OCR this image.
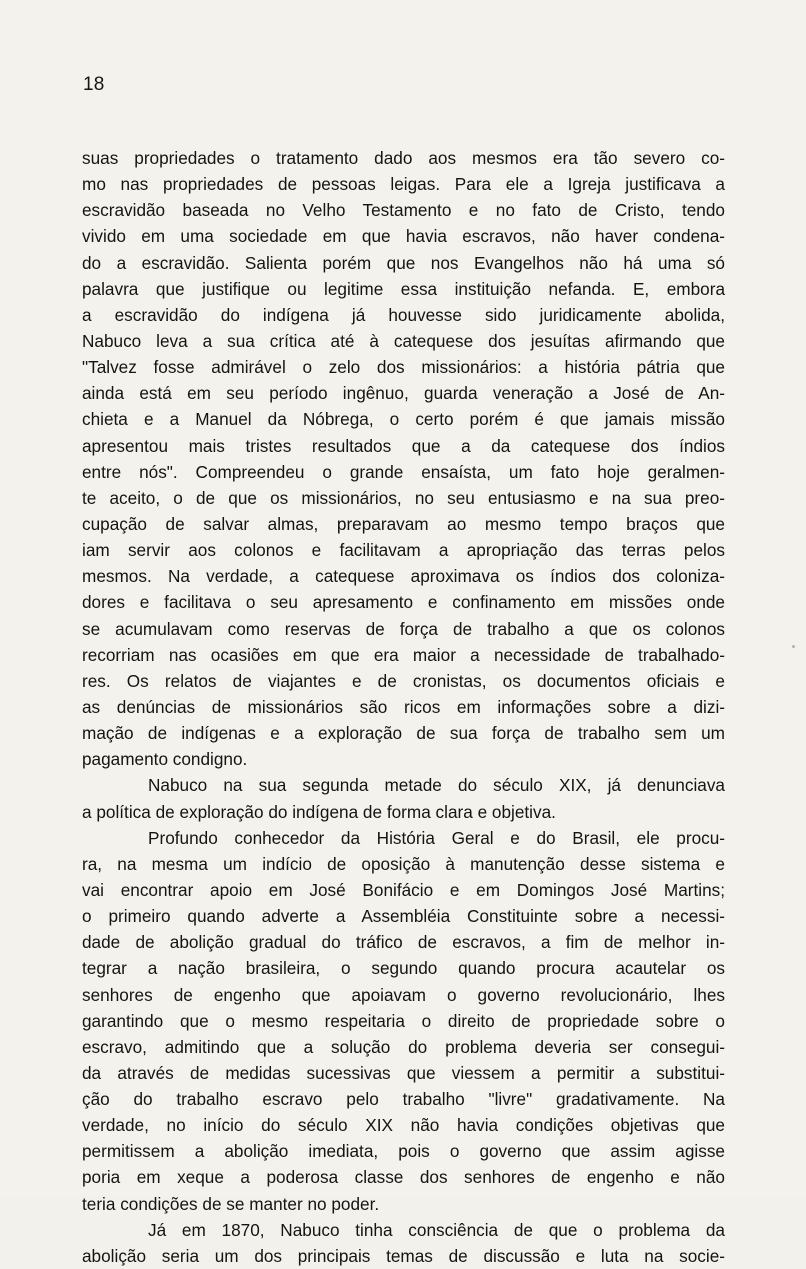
18
suas propriedades o tratamento dado aos mesmos era tão severo co-
mo nas propriedades de pessoas leigas. Para ele a Igreja justificava a
escravidão baseada no Velho Testamento e no fato de Cristo, tendo
vivido em uma sociedade em que havia escravos, não haver condena-
do a escravidão. Salienta porém que nos Evangelhos não há uma só
palavra que justifique ou legitime essa instituição nefanda. E, embora
a escravidão do indígena já houvesse sido juridicamente abolida,
Nabuco leva a sua crítica até à catequese dos jesuítas afirmando que
"Talvez fosse admirável o zelo dos missionários: a história pátria que
ainda está em seu período ingênuo, guarda veneração a José de An-
chieta e a Manuel da Nóbrega, o certo porém é que jamais missão
apresentou mais tristes resultados que a da catequese dos índios
entre nós". Compreendeu o grande ensaísta, um fato hoje geralmen-
te aceito, o de que os missionários, no seu entusiasmo e na sua preo-
cupação de salvar almas, preparavam ao mesmo tempo braços que
iam servir aos colonos e facilitavam a apropriação das terras pelos
mesmos. Na verdade, a catequese aproximava os índios dos coloniza-
dores e facilitava o seu apresamento e confinamento em missões onde
se acumulavam como reservas de força de trabalho a que os colonos
recorriam nas ocasiões em que era maior a necessidade de trabalhado-
res. Os relatos de viajantes e de cronistas, os documentos oficiais e
as denúncias de missionários são ricos em informações sobre a dizi-
mação de indígenas e a exploração de sua força de trabalho sem um
pagamento condigno.
Nabuco na sua segunda metade do século XIX, já denunciava
a política de exploração do indígena de forma clara e objetiva.
Profundo conhecedor da História Geral e do Brasil, ele procu-
ra, na mesma um indício de oposição à manutenção desse sistema e
vai encontrar apoio em José Bonifácio e em Domingos José Martins;
o primeiro quando adverte a Assembléia Constituinte sobre a necessi-
dade de abolição gradual do tráfico de escravos, a fim de melhor in-
tegrar a nação brasileira, o segundo quando procura acautelar os
senhores de engenho que apoiavam o governo revolucionário, lhes
garantindo que o mesmo respeitaria o direito de propriedade sobre o
escravo, admitindo que a solução do problema deveria ser consegui-
da através de medidas sucessivas que viessem a permitir a substitui-
ção do trabalho escravo pelo trabalho "livre" gradativamente. Na
verdade, no início do século XIX não havia condições objetivas que
permitissem a abolição imediata, pois o governo que assim agisse
poria em xeque a poderosa classe dos senhores de engenho e não
teria condições de se manter no poder.
Já em 1870, Nabuco tinha consciência de que o problema da
abolição seria um dos principais temas de discussão e luta na socie-
